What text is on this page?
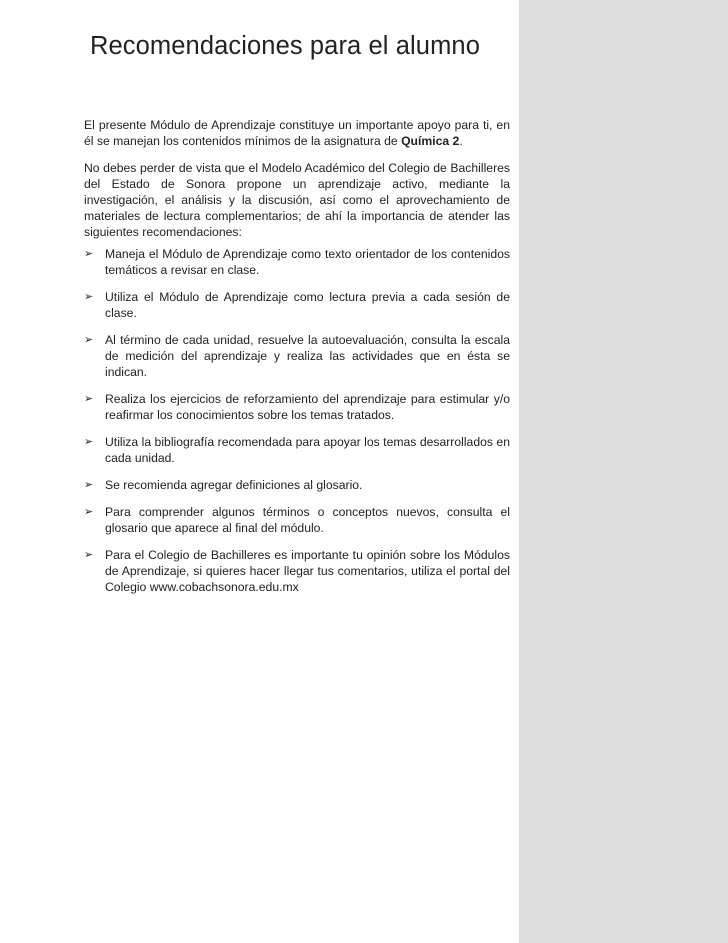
Recomendaciones para el alumno

El presente Módulo de Aprendizaje constituye un importante apoyo para ti, en él se manejan los contenidos mínimos de la asignatura de Química 2.

No debes perder de vista que el Modelo Académico del Colegio de Bachilleres del Estado de Sonora propone un aprendizaje activo, mediante la investigación, el análisis y la discusión, así como el aprovechamiento de materiales de lectura complementarios; de ahí la importancia de atender las siguientes recomendaciones:

➢ Maneja el Módulo de Aprendizaje como texto orientador de los contenidos temáticos a revisar en clase.
➢ Utiliza el Módulo de Aprendizaje como lectura previa a cada sesión de clase.
➢ Al término de cada unidad, resuelve la autoevaluación, consulta la escala de medición del aprendizaje y realiza las actividades que en ésta se indican.
➢ Realiza los ejercicios de reforzamiento del aprendizaje para estimular y/o reafirmar los conocimientos sobre los temas tratados.
➢ Utiliza la bibliografía recomendada para apoyar los temas desarrollados en cada unidad.
➢ Se recomienda agregar definiciones al glosario.
➢ Para comprender algunos términos o conceptos nuevos, consulta el glosario que aparece al final del módulo.
➢ Para el Colegio de Bachilleres es importante tu opinión sobre los Módulos de Aprendizaje, si quieres hacer llegar tus comentarios, utiliza el portal del Colegio www.cobachsonora.edu.mx
